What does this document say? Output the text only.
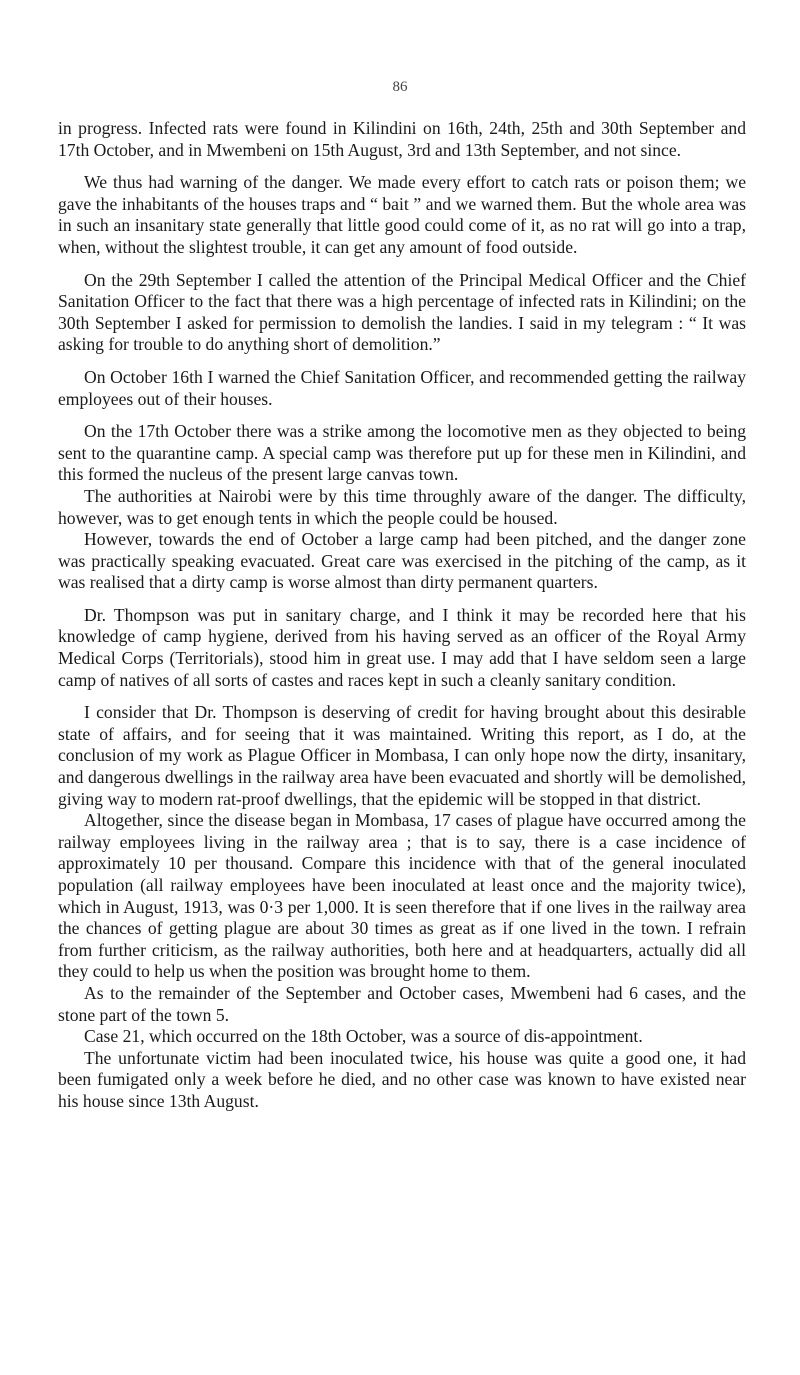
86

in progress. Infected rats were found in Kilindini on 16th, 24th, 25th and 30th September and 17th October, and in Mwembeni on 15th August, 3rd and 13th September, and not since.

We thus had warning of the danger. We made every effort to catch rats or poison them; we gave the inhabitants of the houses traps and “ bait ” and we warned them. But the whole area was in such an insanitary state generally that little good could come of it, as no rat will go into a trap, when, without the slightest trouble, it can get any amount of food outside.

On the 29th September I called the attention of the Principal Medical Officer and the Chief Sanitation Officer to the fact that there was a high percentage of infected rats in Kilindini; on the 30th September I asked for permission to demolish the landies. I said in my telegram : “ It was asking for trouble to do anything short of demolition.”

On October 16th I warned the Chief Sanitation Officer, and recommended getting the railway employees out of their houses.

On the 17th October there was a strike among the locomotive men as they objected to being sent to the quarantine camp. A special camp was therefore put up for these men in Kilindini, and this formed the nucleus of the present large canvas town.

The authorities at Nairobi were by this time throughly aware of the danger. The difficulty, however, was to get enough tents in which the people could be housed.

However, towards the end of October a large camp had been pitched, and the danger zone was practically speaking evacuated. Great care was exercised in the pitching of the camp, as it was realised that a dirty camp is worse almost than dirty permanent quarters.

Dr. Thompson was put in sanitary charge, and I think it may be recorded here that his knowledge of camp hygiene, derived from his having served as an officer of the Royal Army Medical Corps (Territorials), stood him in great use. I may add that I have seldom seen a large camp of natives of all sorts of castes and races kept in such a cleanly sanitary condition.

I consider that Dr. Thompson is deserving of credit for having brought about this desirable state of affairs, and for seeing that it was maintained. Writing this report, as I do, at the conclusion of my work as Plague Officer in Mombasa, I can only hope now the dirty, insanitary, and dangerous dwellings in the railway area have been evacuated and shortly will be demolished, giving way to modern rat-proof dwellings, that the epidemic will be stopped in that district.

Altogether, since the disease began in Mombasa, 17 cases of plague have occurred among the railway employees living in the railway area ; that is to say, there is a case incidence of approximately 10 per thousand. Compare this incidence with that of the general inoculated population (all railway employees have been inoculated at least once and the majority twice), which in August, 1913, was 0·3 per 1,000. It is seen therefore that if one lives in the railway area the chances of getting plague are about 30 times as great as if one lived in the town. I refrain from further criticism, as the railway authorities, both here and at headquarters, actually did all they could to help us when the position was brought home to them.

As to the remainder of the September and October cases, Mwembeni had 6 cases, and the stone part of the town 5.

Case 21, which occurred on the 18th October, was a source of dis-appointment.

The unfortunate victim had been inoculated twice, his house was quite a good one, it had been fumigated only a week before he died, and no other case was known to have existed near his house since 13th August.
